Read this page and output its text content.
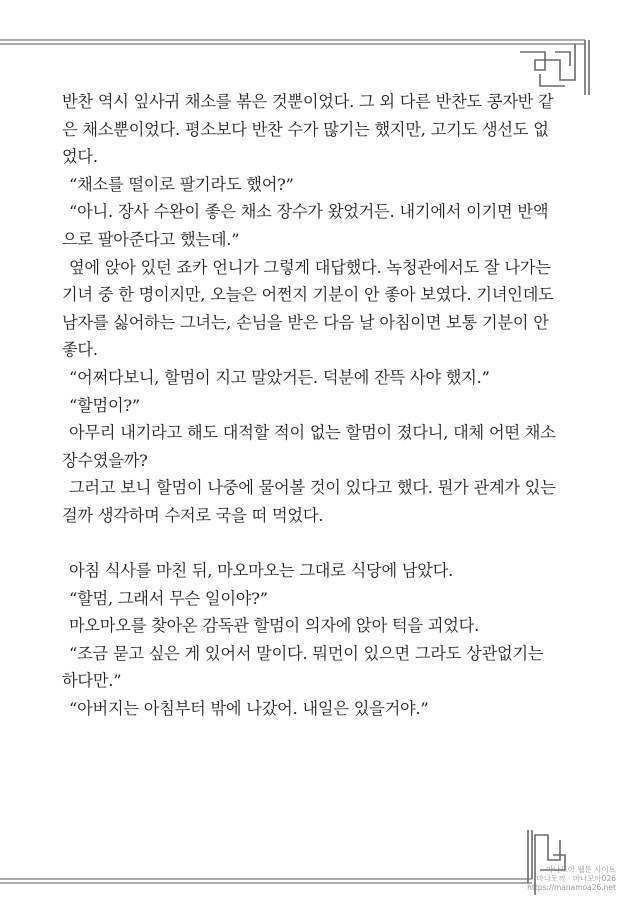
반찬 역시 잎사귀 채소를 볶은 것뿐이었다. 그 외 다른 반찬도 콩자반 같
은 채소뿐이었다. 평소보다 반찬 수가 많기는 했지만, 고기도 생선도 없
었다.
“채소를 떨이로 팔기라도 했어?”
“아니. 장사 수완이 좋은 채소 장수가 왔었거든. 내기에서 이기면 반액
으로 팔아준다고 했는데.”
옆에 앉아 있던 죠카 언니가 그렇게 대답했다. 녹청관에서도 잘 나가는
기녀 중 한 명이지만, 오늘은 어쩐지 기분이 안 좋아 보였다. 기녀인데도
남자를 싫어하는 그녀는, 손님을 받은 다음 날 아침이면 보통 기분이 안
좋다.
“어쩌다보니, 할멈이 지고 말았거든. 덕분에 잔뜩 사야 했지.”
“할멈이?”
아무리 내기라고 해도 대적할 적이 없는 할멈이 졌다니, 대체 어떤 채소
장수였을까?
그러고 보니 할멈이 나중에 물어볼 것이 있다고 했다. 뭔가 관계가 있는
걸까 생각하며 수저로 국을 떠 먹었다.
아침 식사를 마친 뒤, 마오마오는 그대로 식당에 남았다.
“할멈, 그래서 무슨 일이야?”
마오마오를 찾아온 감독관 할멈이 의자에 앉아 턱을 괴었다.
“조금 묻고 싶은 게 있어서 말이다. 뭐먼이 있으면 그라도 상관없기는
하다만.”
“아버지는 아침부터 밖에 나갔어. 내일은 있을거야.”
마나모아 웹툰 사이트
마나토끼 · 마나모아026
https://manamoa26.net
